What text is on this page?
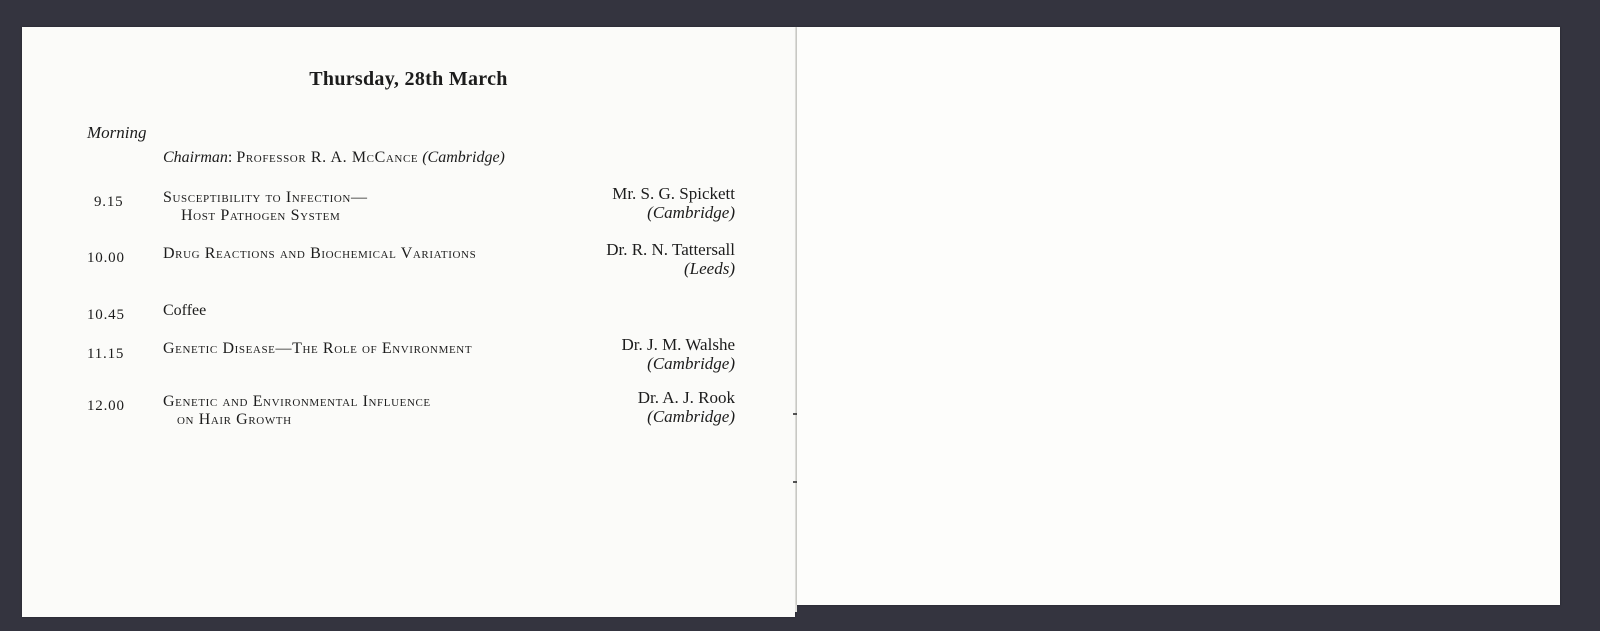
Thursday, 28th March
Morning
Chairman: Professor R. A. McCance (Cambridge)
9.15 Susceptibility to Infection—
Host Pathogen System
Mr. S. G. Spickett
(Cambridge)
10.00 Drug Reactions and Biochemical Variations	Dr. R. N. Tattersall
(Leeds)
10.45 Coffee
11.15 Genetic Disease—The Role of Environment	Dr. J. M. Walshe
(Cambridge)
12.00 Genetic and Environmental Influence
on Hair Growth
Dr. A. J. Rook
(Cambridge)
